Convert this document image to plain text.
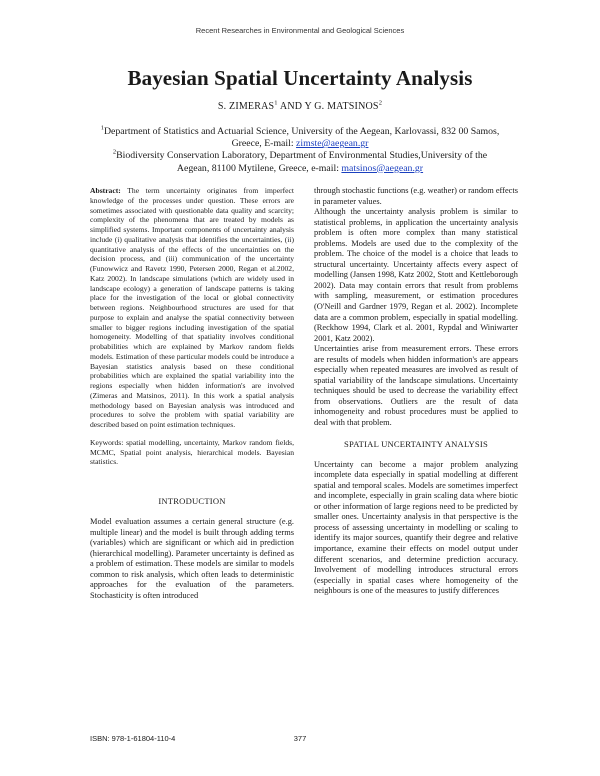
Recent Researches in Environmental and Geological Sciences
Bayesian Spatial Uncertainty Analysis
S. ZIMERAS$^1$ AND Y G. MATSINOS$^2$

$^1$Department of Statistics and Actuarial Science, University of the Aegean, Karlovassi, 832 00 Samos, Greece, E-mail: zimste@aegean.gr

$^2$Biodiversity Conservation Laboratory, Department of Environmental Studies,University of the Aegean, 81100 Mytilene, Greece, e-mail: matsinos@aegean.gr

Abstract: The term uncertainty originates from imperfect knowledge of the processes under question. These errors are sometimes associated with questionable data quality and scarcity; complexity of the phenomena that are treated by models as simplified systems. Important components of uncertainty analysis include (i) qualitative analysis that identifies the uncertainties, (ii) quantitative analysis of the effects of the uncertainties on the decision process, and (iii) communication of the uncertainty (Funowwicz and Ravetz 1990, Petersen 2000, Regan et al.2002, Katz 2002). In landscape simulations (which are widely used in landscape ecology) a generation of landscape patterns is taking place for the investigation of the local or global connectivity between regions. Neighbourhood structures are used for that purpose to explain and analyse the spatial connectivity between smaller to bigger regions including investigation of the spatial homogeneity. Modelling of that spatiality involves conditional probabilities which are explained by Markov random fields models. Estimation of these particular models could be introduce a Bayesian statistics analysis based on these conditional probabilities which are explained the spatial variability into the regions especially when hidden information's are involved (Zimeras and Matsinos, 2011). In this work a spatial analysis methodology based on Bayesian analysis was introduced and procedures to solve the problem with spatial variability are described based on point estimation techniques.

Keywords: spatial modelling, uncertainty, Markov random fields, MCMC, Spatial point analysis, hierarchical models. Bayesian statistics.

INTRODUCTION

Model evaluation assumes a certain general structure (e.g. multiple linear) and the model is built through adding terms (variables) which are significant or which aid in prediction (hierarchical modelling). Parameter uncertainty is defined as a problem of estimation. These models are similar to models common to risk analysis, which often leads to deterministic approaches for the evaluation of the parameters. Stochasticity is often introduced

through stochastic functions (e.g. weather) or random effects in parameter values.

Although the uncertainty analysis problem is similar to statistical problems, in application the uncertainty analysis problem is often more complex than many statistical problems. Models are used due to the complexity of the problem. The choice of the model is a choice that leads to structural uncertainty. Uncertainty affects every aspect of modelling (Jansen 1998, Katz 2002, Stott and Kettleborough 2002). Data may contain errors that result from problems with sampling, measurement, or estimation procedures (O'Neill and Gardner 1979, Regan et al. 2002). Incomplete data are a common problem, especially in spatial modelling. (Reckhow 1994, Clark et al. 2001, Rypdal and Winiwarter 2001, Katz 2002).

Uncertainties arise from measurement errors. These errors are results of models when hidden information's are appears especially when repeated measures are involved as result of spatial variability of the landscape simulations. Uncertainty techniques should be used to decrease the variability effect from observations. Outliers are the result of data inhomogeneity and robust procedures must be applied to deal with that problem.

SPATIAL UNCERTAINTY ANALYSIS

Uncertainty can become a major problem analyzing incomplete data especially in spatial modelling at different spatial and temporal scales. Models are sometimes imperfect and incomplete, especially in grain scaling data where biotic or other information of large regions need to be predicted by smaller ones. Uncertainty analysis in that perspective is the process of assessing uncertainty in modelling or scaling to identify its major sources, quantify their degree and relative importance, examine their effects on model output under different scenarios, and determine prediction accuracy. Involvement of modelling introduces structural errors (especially in spatial cases where homogeneity of the neighbours is one of the measures to justify differences

ISBN: 978-1-61804-110-4	377
